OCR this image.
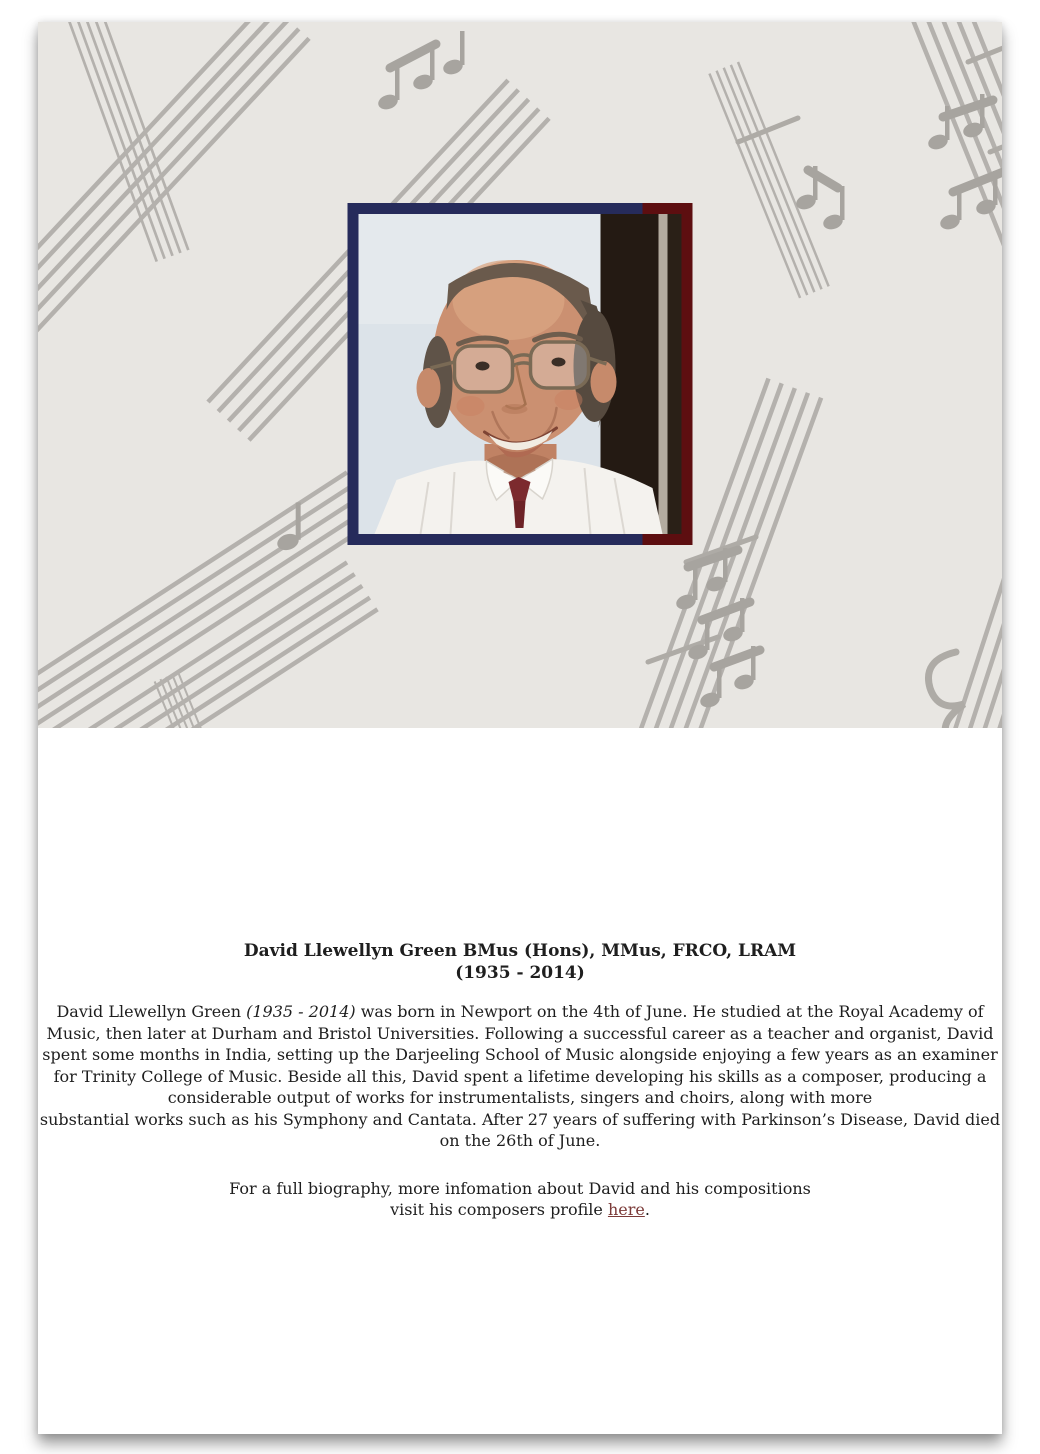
David Llewellyn Green BMus (Hons), MMus, FRCO, LRAM
(1935 - 2014)
David Llewellyn Green (1935 - 2014) was born in Newport on the 4th of June. He studied at the Royal Academy of
Music, then later at Durham and Bristol Universities. Following a successful career as a teacher and organist, David
spent some months in India, setting up the Darjeeling School of Music alongside enjoying a few years as an examiner
for Trinity College of Music. Beside all this, David spent a lifetime developing his skills as a composer, producing a
considerable output of works for instrumentalists, singers and choirs, along with more
substantial works such as his Symphony and Cantata. After 27 years of suffering with Parkinson’s Disease, David died
on the 26th of June.
For a full biography, more infomation about David and his compositions
visit his composers profile here.
